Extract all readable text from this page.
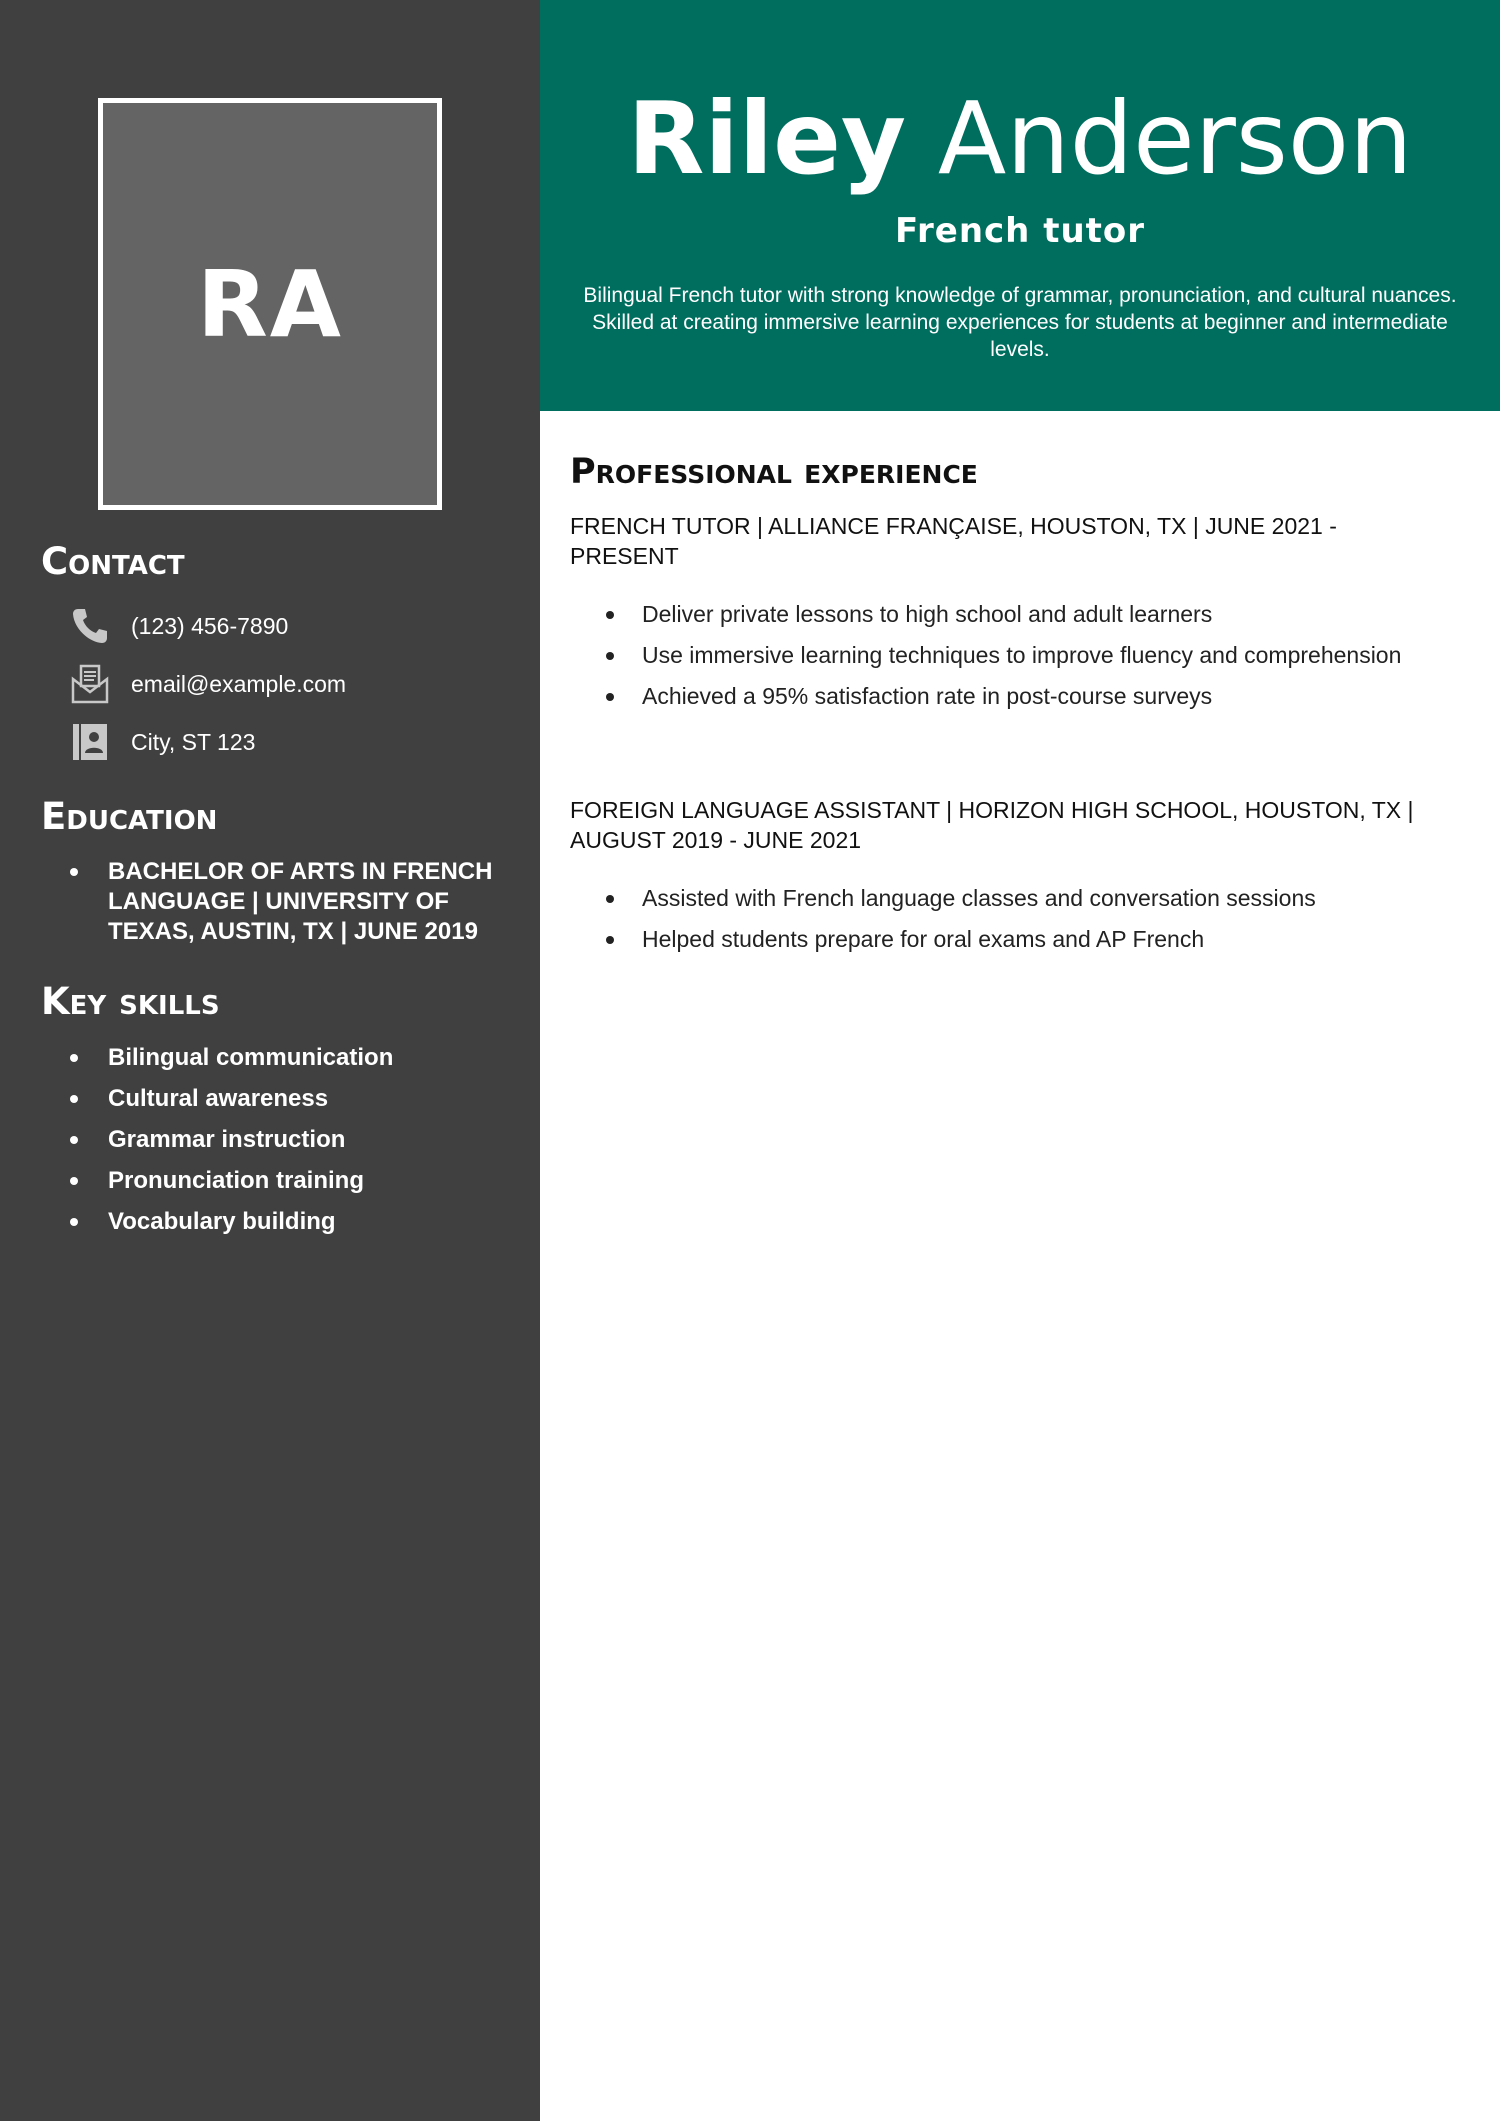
RA
Contact
(123) 456-7890
email@example.com
City, ST 123
Education
BACHELOR OF ARTS IN FRENCH LANGUAGE | UNIVERSITY OF TEXAS, AUSTIN, TX | JUNE 2019
Key skills
Bilingual communication
Cultural awareness
Grammar instruction
Pronunciation training
Vocabulary building
Riley Anderson
French tutor
Bilingual French tutor with strong knowledge of grammar, pronunciation, and cultural nuances. Skilled at creating immersive learning experiences for students at beginner and intermediate levels.
Professional experience
FRENCH TUTOR | ALLIANCE FRANÇAISE, HOUSTON, TX | JUNE 2021 - PRESENT
Deliver private lessons to high school and adult learners
Use immersive learning techniques to improve fluency and comprehension
Achieved a 95% satisfaction rate in post-course surveys
FOREIGN LANGUAGE ASSISTANT | HORIZON HIGH SCHOOL, HOUSTON, TX | AUGUST 2019 - JUNE 2021
Assisted with French language classes and conversation sessions
Helped students prepare for oral exams and AP French
